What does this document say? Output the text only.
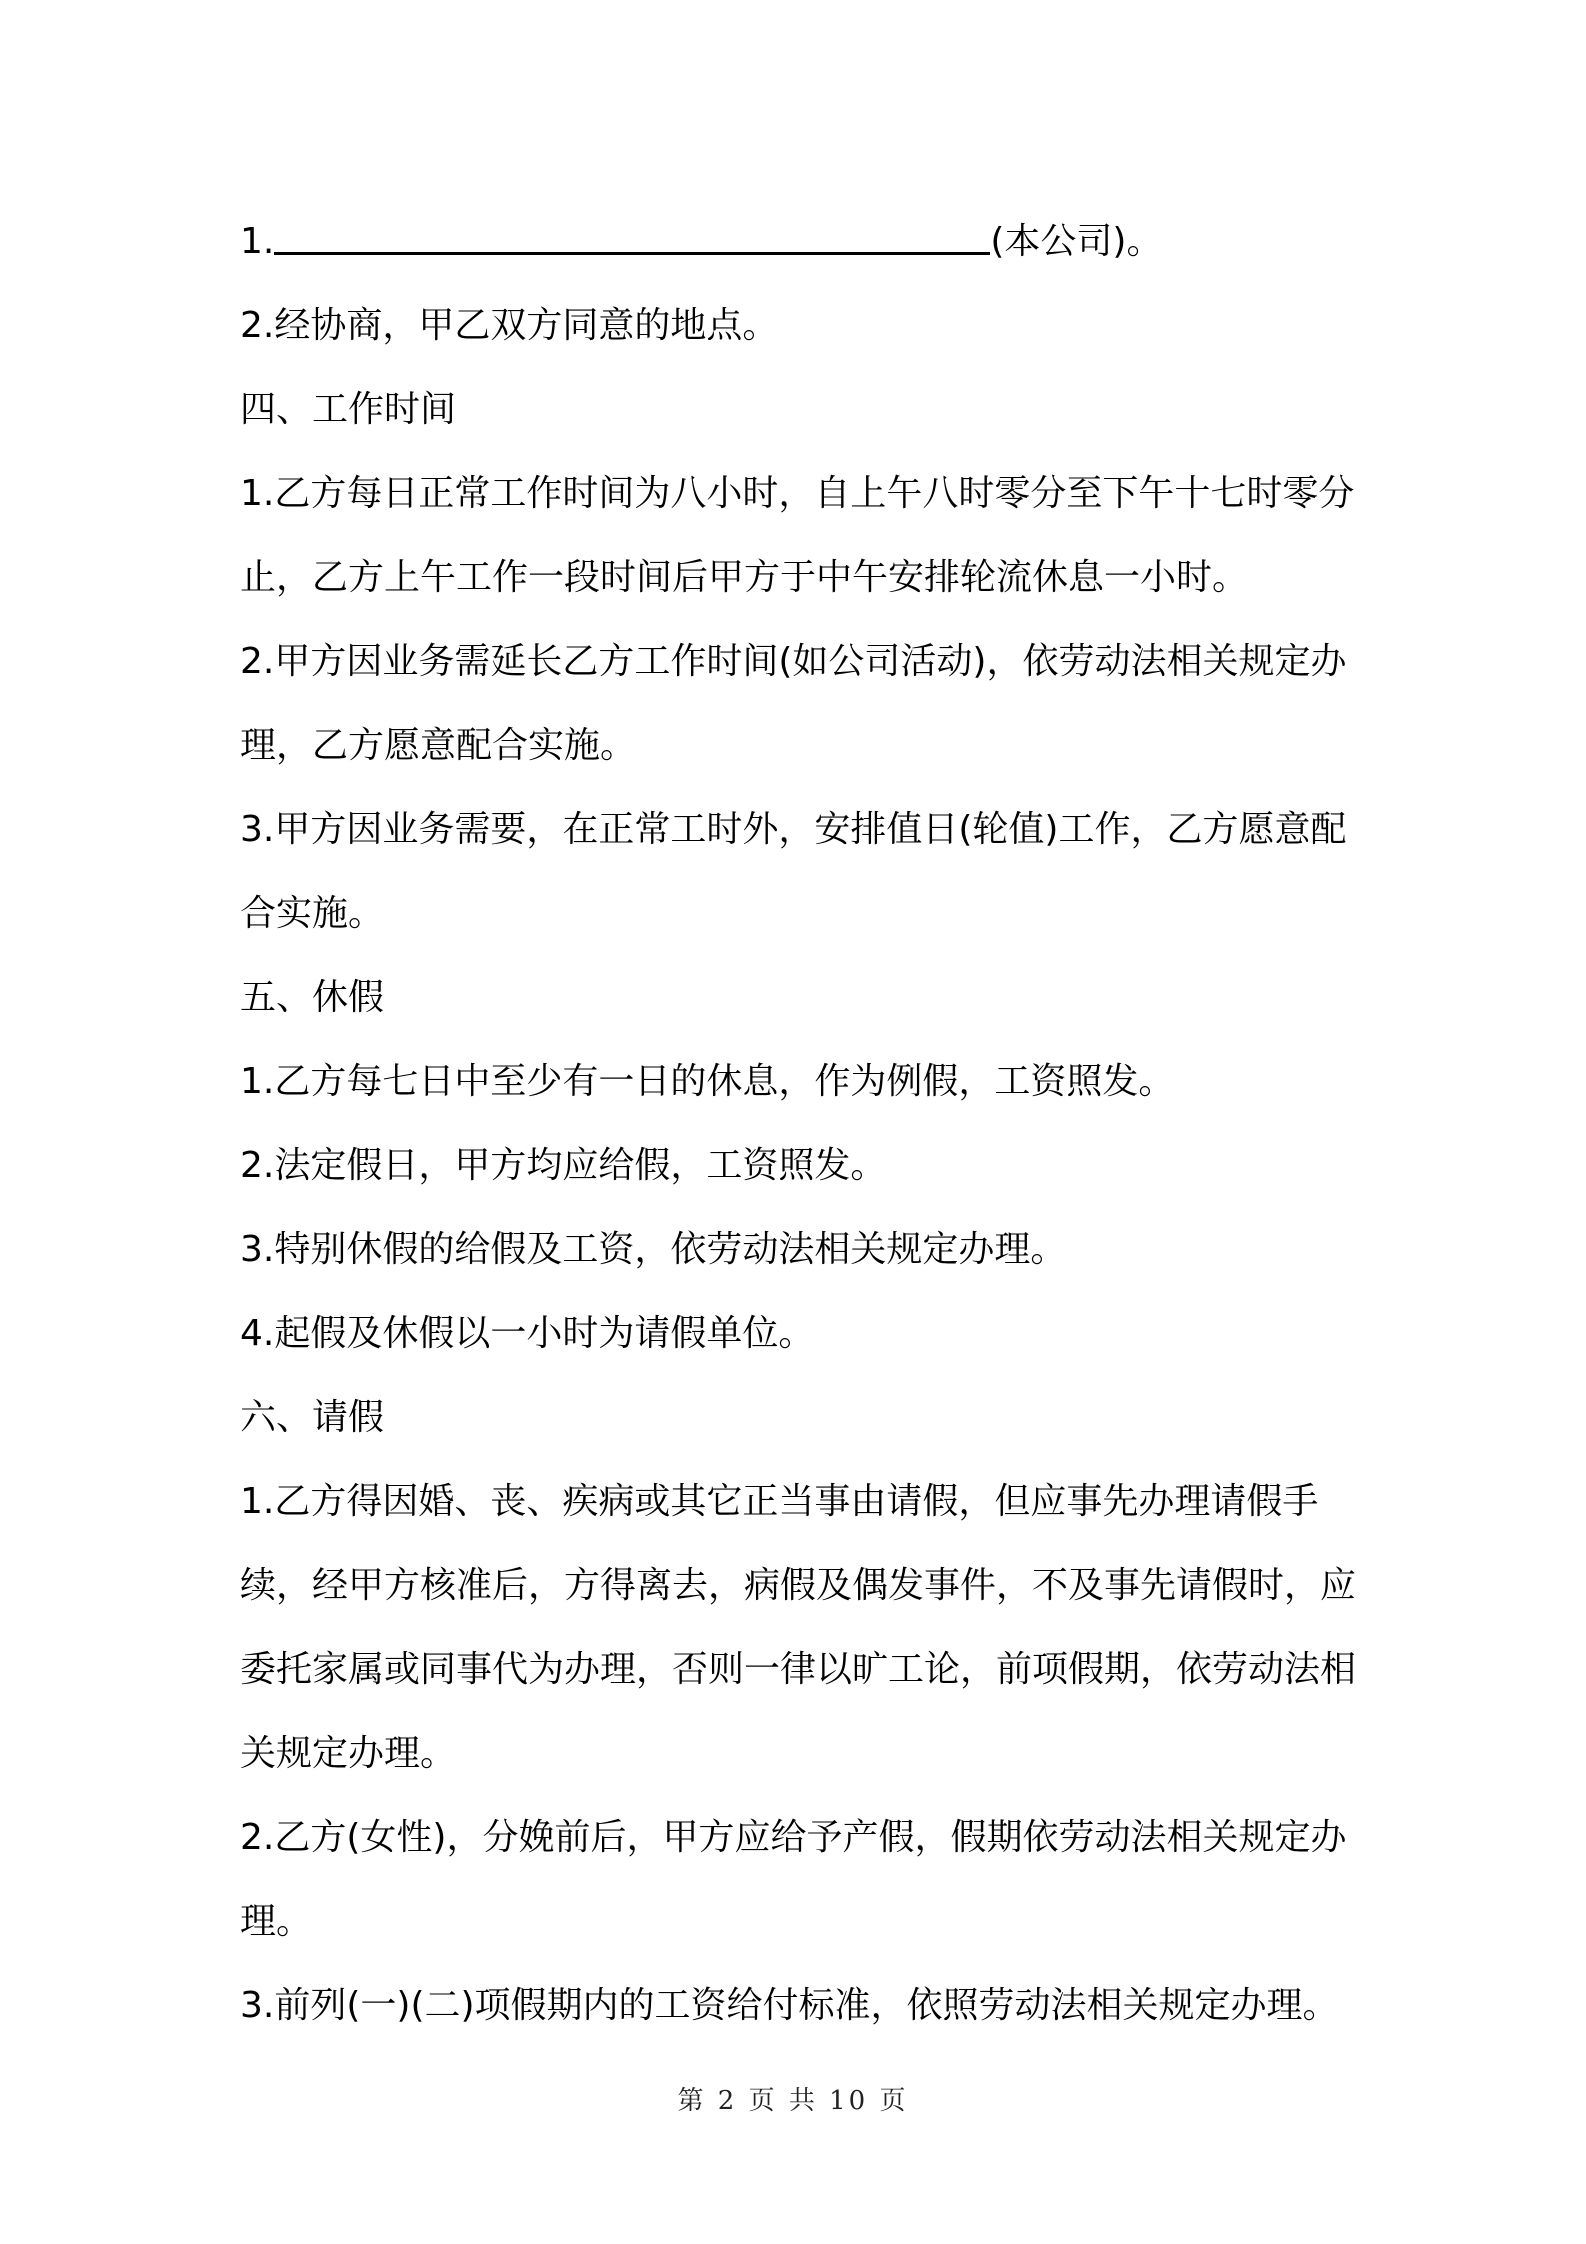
1.	(本公司)。

2.经协商，甲乙双方同意的地点。

四、工作时间

1.乙方每日正常工作时间为八小时，自上午八时零分至下午十七时零分止，乙方上午工作一段时间后甲方于中午安排轮流休息一小时。

2.甲方因业务需延长乙方工作时间(如公司活动)，依劳动法相关规定办理，乙方愿意配合实施。

3.甲方因业务需要，在正常工时外，安排值日(轮值)工作，乙方愿意配合实施。

五、休假

1.乙方每七日中至少有一日的休息，作为例假，工资照发。

2.法定假日，甲方均应给假，工资照发。

3.特别休假的给假及工资，依劳动法相关规定办理。

4.起假及休假以一小时为请假单位。

六、请假

1.乙方得因婚、丧、疾病或其它正当事由请假，但应事先办理请假手续，经甲方核准后，方得离去，病假及偶发事件，不及事先请假时，应委托家属或同事代为办理，否则一律以旷工论，前项假期，依劳动法相关规定办理。

2.乙方(女性)，分娩前后，甲方应给予产假，假期依劳动法相关规定办理。

3.前列(一)(二)项假期内的工资给付标准，依照劳动法相关规定办理。

第 2 页 共 10 页
